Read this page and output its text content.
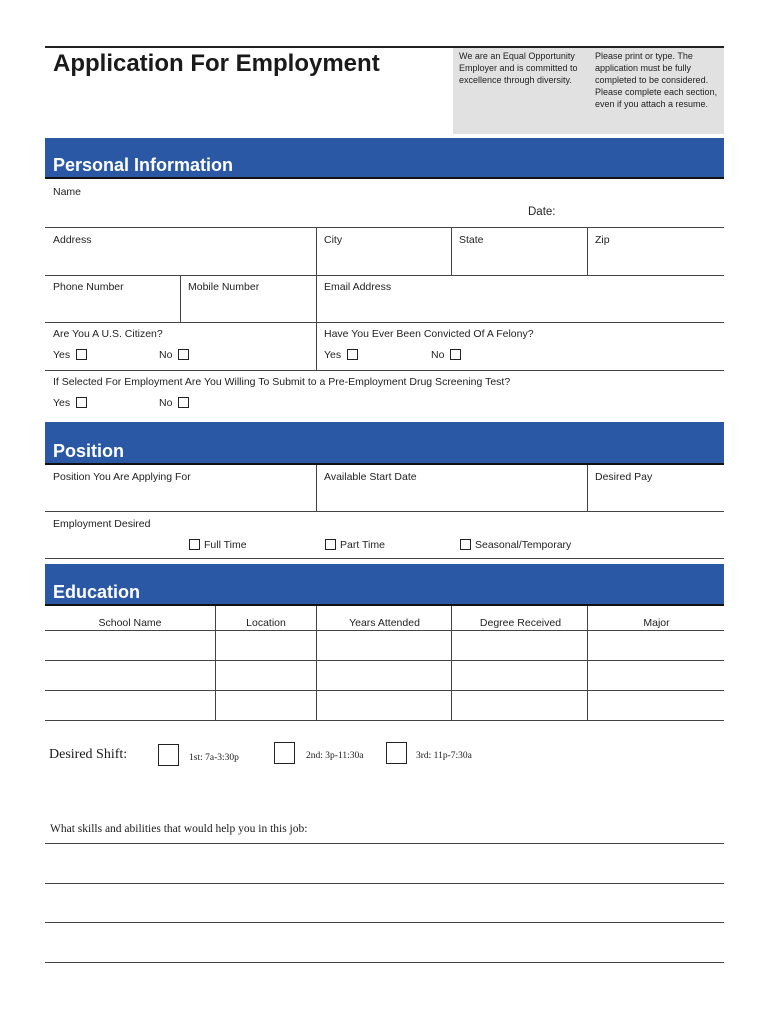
Application For Employment	We are an Equal Opportunity Employer and is committed to excellence through diversity.
Please print or type. The application must be fully completed to be considered. Please complete each section, even if you attach a resume.
Personal Information
Name
Date:
Address	City	State	Zip
Phone Number	Mobile Number	Email Address
Are You A U.S. Citizen?
Yes	No
Have You Ever Been Convicted Of A Felony?
Yes	No
If Selected For Employment Are You Willing To Submit to a Pre-Employment Drug Screening Test?
Yes	No
Position
Position You Are Applying For	Available Start Date	Desired Pay
Employment Desired
Full Time	Part Time	Seasonal/Temporary
Education
School Name	Location	Years Attended	Degree Received	Major
Desired Shift:	1st: 7a-3:30p	2nd: 3p-11:30a	3rd: 11p-7:30a
What skills and abilities that would help you in this job:
